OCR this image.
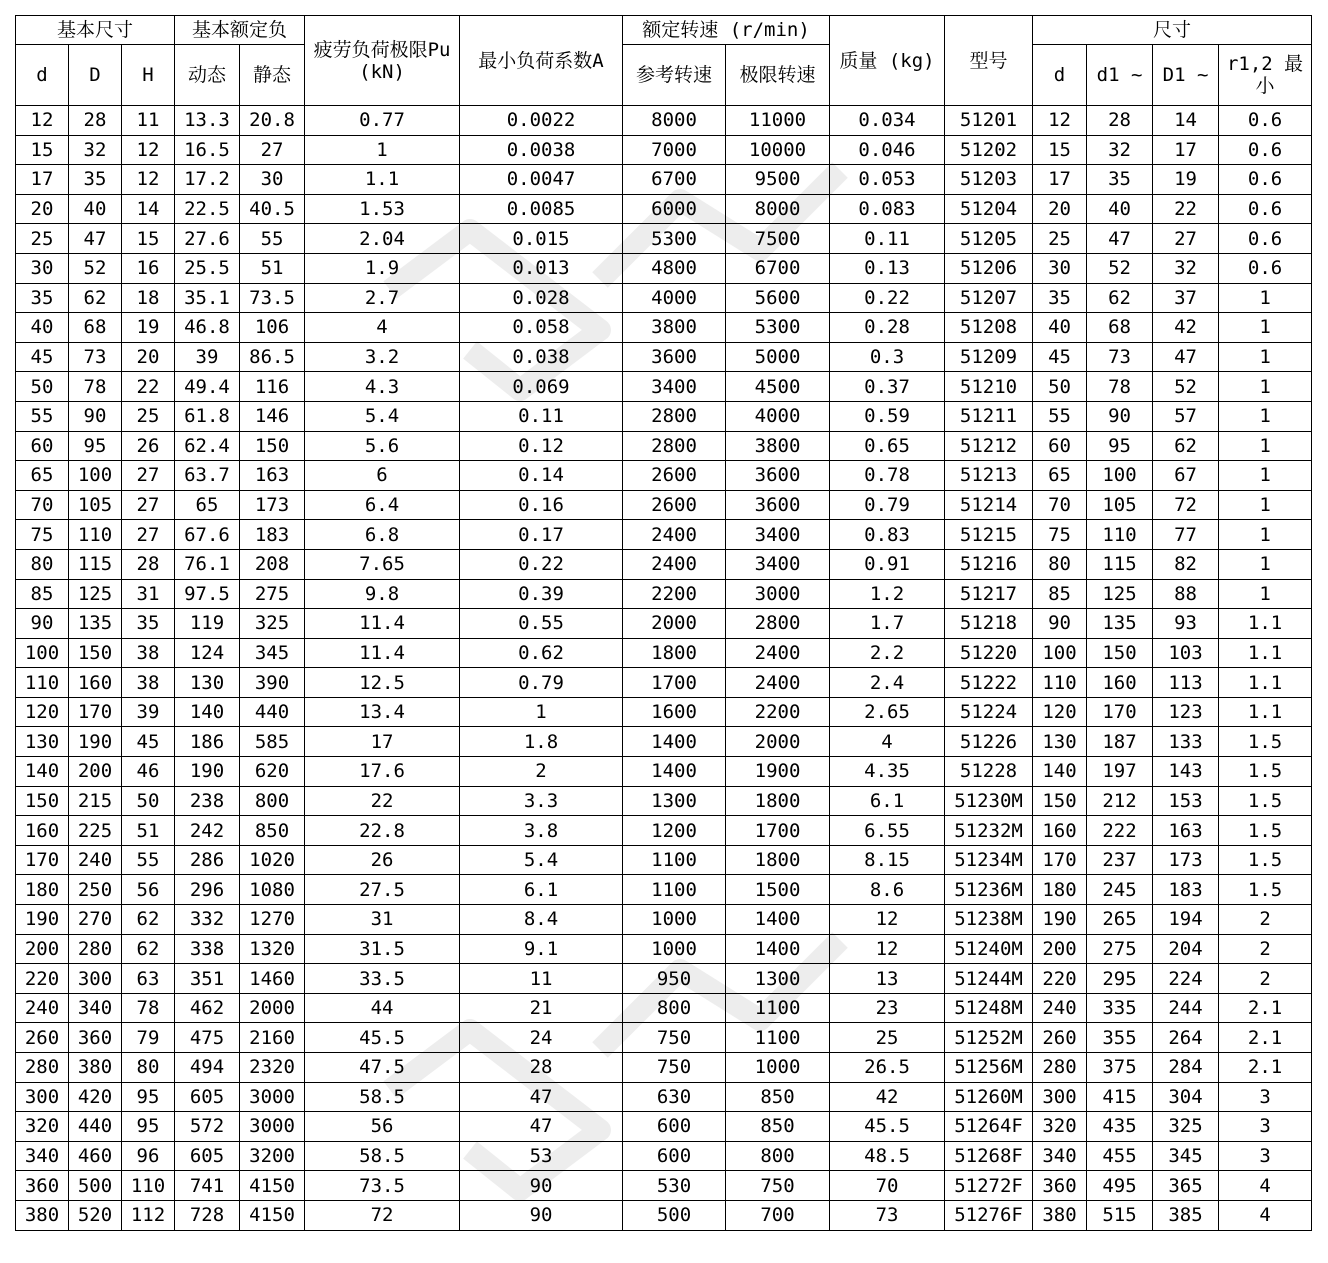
基本尺寸			基本额定负		疲劳负荷极限Pu (kN)	最小负荷系数A	额定转速 (r/min)		质量 (kg)	型号	尺寸			
d	D	H	动态	静态			参考转速	极限转速			d	d1 ~	D1 ~	r1,2 最小
12	28	11	13.3	20.8	0.77	0.0022	8000	11000	0.034	51201	12	28	14	0.6
15	32	12	16.5	27	1	0.0038	7000	10000	0.046	51202	15	32	17	0.6
17	35	12	17.2	30	1.1	0.0047	6700	9500	0.053	51203	17	35	19	0.6
20	40	14	22.5	40.5	1.53	0.0085	6000	8000	0.083	51204	20	40	22	0.6
25	47	15	27.6	55	2.04	0.015	5300	7500	0.11	51205	25	47	27	0.6
30	52	16	25.5	51	1.9	0.013	4800	6700	0.13	51206	30	52	32	0.6
35	62	18	35.1	73.5	2.7	0.028	4000	5600	0.22	51207	35	62	37	1
40	68	19	46.8	106	4	0.058	3800	5300	0.28	51208	40	68	42	1
45	73	20	39	86.5	3.2	0.038	3600	5000	0.3	51209	45	73	47	1
50	78	22	49.4	116	4.3	0.069	3400	4500	0.37	51210	50	78	52	1
55	90	25	61.8	146	5.4	0.11	2800	4000	0.59	51211	55	90	57	1
60	95	26	62.4	150	5.6	0.12	2800	3800	0.65	51212	60	95	62	1
65	100	27	63.7	163	6	0.14	2600	3600	0.78	51213	65	100	67	1
70	105	27	65	173	6.4	0.16	2600	3600	0.79	51214	70	105	72	1
75	110	27	67.6	183	6.8	0.17	2400	3400	0.83	51215	75	110	77	1
80	115	28	76.1	208	7.65	0.22	2400	3400	0.91	51216	80	115	82	1
85	125	31	97.5	275	9.8	0.39	2200	3000	1.2	51217	85	125	88	1
90	135	35	119	325	11.4	0.55	2000	2800	1.7	51218	90	135	93	1.1
100	150	38	124	345	11.4	0.62	1800	2400	2.2	51220	100	150	103	1.1
110	160	38	130	390	12.5	0.79	1700	2400	2.4	51222	110	160	113	1.1
120	170	39	140	440	13.4	1	1600	2200	2.65	51224	120	170	123	1.1
130	190	45	186	585	17	1.8	1400	2000	4	51226	130	187	133	1.5
140	200	46	190	620	17.6	2	1400	1900	4.35	51228	140	197	143	1.5
150	215	50	238	800	22	3.3	1300	1800	6.1	51230M	150	212	153	1.5
160	225	51	242	850	22.8	3.8	1200	1700	6.55	51232M	160	222	163	1.5
170	240	55	286	1020	26	5.4	1100	1800	8.15	51234M	170	237	173	1.5
180	250	56	296	1080	27.5	6.1	1100	1500	8.6	51236M	180	245	183	1.5
190	270	62	332	1270	31	8.4	1000	1400	12	51238M	190	265	194	2
200	280	62	338	1320	31.5	9.1	1000	1400	12	51240M	200	275	204	2
220	300	63	351	1460	33.5	11	950	1300	13	51244M	220	295	224	2
240	340	78	462	2000	44	21	800	1100	23	51248M	240	335	244	2.1
260	360	79	475	2160	45.5	24	750	1100	25	51252M	260	355	264	2.1
280	380	80	494	2320	47.5	28	750	1000	26.5	51256M	280	375	284	2.1
300	420	95	605	3000	58.5	47	630	850	42	51260M	300	415	304	3
320	440	95	572	3000	56	47	600	850	45.5	51264F	320	435	325	3
340	460	96	605	3200	58.5	53	600	800	48.5	51268F	340	455	345	3
360	500	110	741	4150	73.5	90	530	750	70	51272F	360	495	365	4
380	520	112	728	4150	72	90	500	700	73	51276F	380	515	385	4
